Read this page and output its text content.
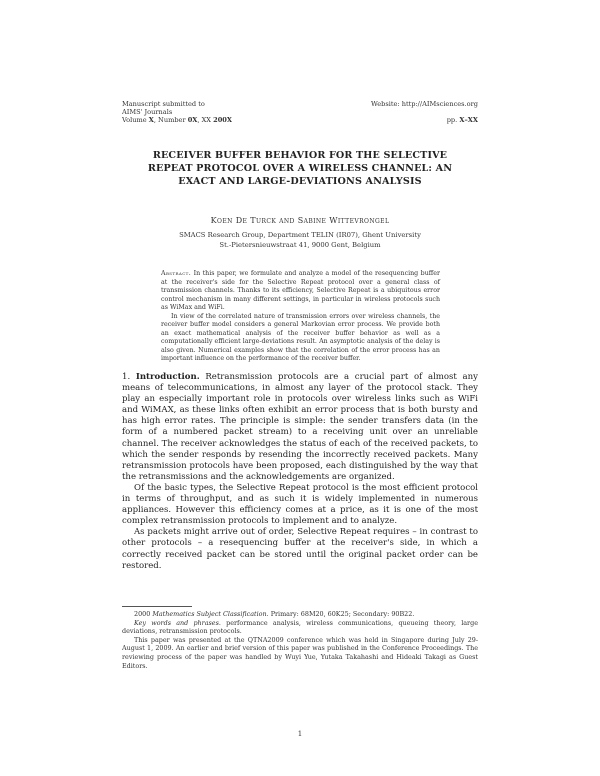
Manuscript submitted to
AIMS' Journals
Volume X, Number 0X, XX 200X
Website: http://AIMsciences.org
pp. X–XX
RECEIVER BUFFER BEHAVIOR FOR THE SELECTIVE REPEAT PROTOCOL OVER A WIRELESS CHANNEL: AN EXACT AND LARGE-DEVIATIONS ANALYSIS
Koen De Turck and Sabine Wittevrongel
SMACS Research Group, Department TELIN (IR07), Ghent University
St.-Pietersnieuwstraat 41, 9000 Gent, Belgium

Abstract. In this paper, we formulate and analyze a model of the resequencing buffer at the receiver's side for the Selective Repeat protocol over a general class of transmission channels. Thanks to its efficiency, Selective Repeat is a ubiquitous error control mechanism in many different settings, in particular in wireless protocols such as WiMax and WiFi.

In view of the correlated nature of transmission errors over wireless channels, the receiver buffer model considers a general Markovian error process. We provide both an exact mathematical analysis of the receiver buffer behavior as well as a computationally efficient large-deviations result. An asymptotic analysis of the delay is also given. Numerical examples show that the correlation of the error process has an important influence on the performance of the receiver buffer.

1. Introduction. Retransmission protocols are a crucial part of almost any means of telecommunications, in almost any layer of the protocol stack. They play an especially important role in protocols over wireless links such as WiFi and WiMAX, as these links often exhibit an error process that is both bursty and has high error rates. The principle is simple: the sender transfers data (in the form of a numbered packet stream) to a receiving unit over an unreliable channel. The receiver acknowledges the status of each of the received packets, to which the sender responds by resending the incorrectly received packets. Many retransmission protocols have been proposed, each distinguished by the way that the retransmissions and the acknowledgements are organized.

Of the basic types, the Selective Repeat protocol is the most efficient protocol in terms of throughput, and as such it is widely implemented in numerous appliances. However this efficiency comes at a price, as it is one of the most complex retransmission protocols to implement and to analyze.

As packets might arrive out of order, Selective Repeat requires – in contrast to other protocols – a resequencing buffer at the receiver's side, in which a correctly received packet can be stored until the original packet order can be restored.

2000 Mathematics Subject Classification. Primary: 68M20, 60K25; Secondary: 90B22.

Key words and phrases. performance analysis, wireless communications, queueing theory, large deviations, retransmission protocols.

This paper was presented at the QTNA2009 conference which was held in Singapore during July 29-August 1, 2009. An earlier and brief version of this paper was published in the Conference Proceedings. The reviewing process of the paper was handled by Wuyi Yue, Yutaka Takahashi and Hideaki Takagi as Guest Editors.

1
